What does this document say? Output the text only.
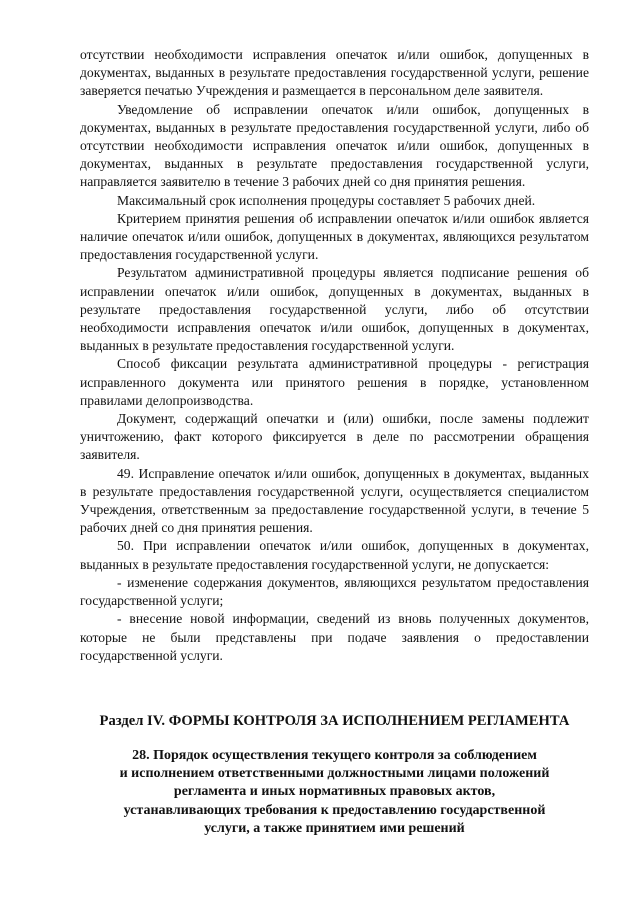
отсутствии необходимости исправления опечаток и/или ошибок, допущенных в документах, выданных в результате предоставления государственной услуги, решение заверяется печатью Учреждения и размещается в персональном деле заявителя.

Уведомление об исправлении опечаток и/или ошибок, допущенных в документах, выданных в результате предоставления государственной услуги, либо об отсутствии необходимости исправления опечаток и/или ошибок, допущенных в документах, выданных в результате предоставления государственной услуги, направляется заявителю в течение 3 рабочих дней со дня принятия решения.

Максимальный срок исполнения процедуры составляет 5 рабочих дней.

Критерием принятия решения об исправлении опечаток и/или ошибок является наличие опечаток и/или ошибок, допущенных в документах, являющихся результатом предоставления государственной услуги.

Результатом административной процедуры является подписание решения об исправлении опечаток и/или ошибок, допущенных в документах, выданных в результате предоставления государственной услуги, либо об отсутствии необходимости исправления опечаток и/или ошибок, допущенных в документах, выданных в результате предоставления государственной услуги.

Способ фиксации результата административной процедуры - регистрация исправленного документа или принятого решения в порядке, установленном правилами делопроизводства.

Документ, содержащий опечатки и (или) ошибки, после замены подлежит уничтожению, факт которого фиксируется в деле по рассмотрении обращения заявителя.

49. Исправление опечаток и/или ошибок, допущенных в документах, выданных в результате предоставления государственной услуги, осуществляется специалистом Учреждения, ответственным за предоставление государственной услуги, в течение 5 рабочих дней со дня принятия решения.

50. При исправлении опечаток и/или ошибок, допущенных в документах, выданных в результате предоставления государственной услуги, не допускается:

- изменение содержания документов, являющихся результатом предоставления государственной услуги;

- внесение новой информации, сведений из вновь полученных документов, которые не были представлены при подаче заявления о предоставлении государственной услуги.

Раздел IV. ФОРМЫ КОНТРОЛЯ ЗА ИСПОЛНЕНИЕМ РЕГЛАМЕНТА
28. Порядок осуществления текущего контроля за соблюдением
и исполнением ответственными должностными лицами положений
регламента и иных нормативных правовых актов,
устанавливающих требования к предоставлению государственной
услуги, а также принятием ими решений
